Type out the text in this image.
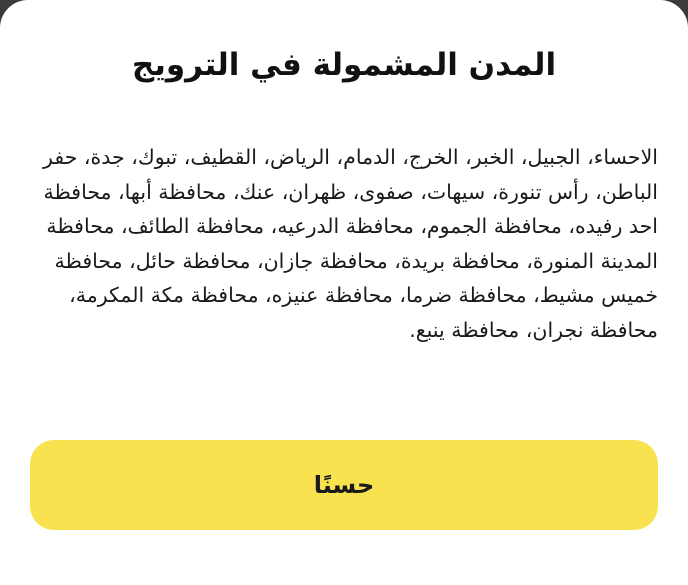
المدن المشمولة في الترويج

الاحساء، الجبيل، الخبر، الخرج، الدمام، الرياض، القطيف، تبوك، جدة، حفر الباطن، رأس تنورة، سيهات، صفوى، ظهران، عنك، محافظة أبها، محافظة احد رفيده، محافظة الجموم، محافظة الدرعيه، محافظة الطائف، محافظة المدينة المنورة، محافظة بريدة، محافظة جازان، محافظة حائل، محافظة خميس مشيط، محافظة ضرما، محافظة عنيزه، محافظة مكة المكرمة، محافظة نجران، محافظة ينبع.

حسنًا
